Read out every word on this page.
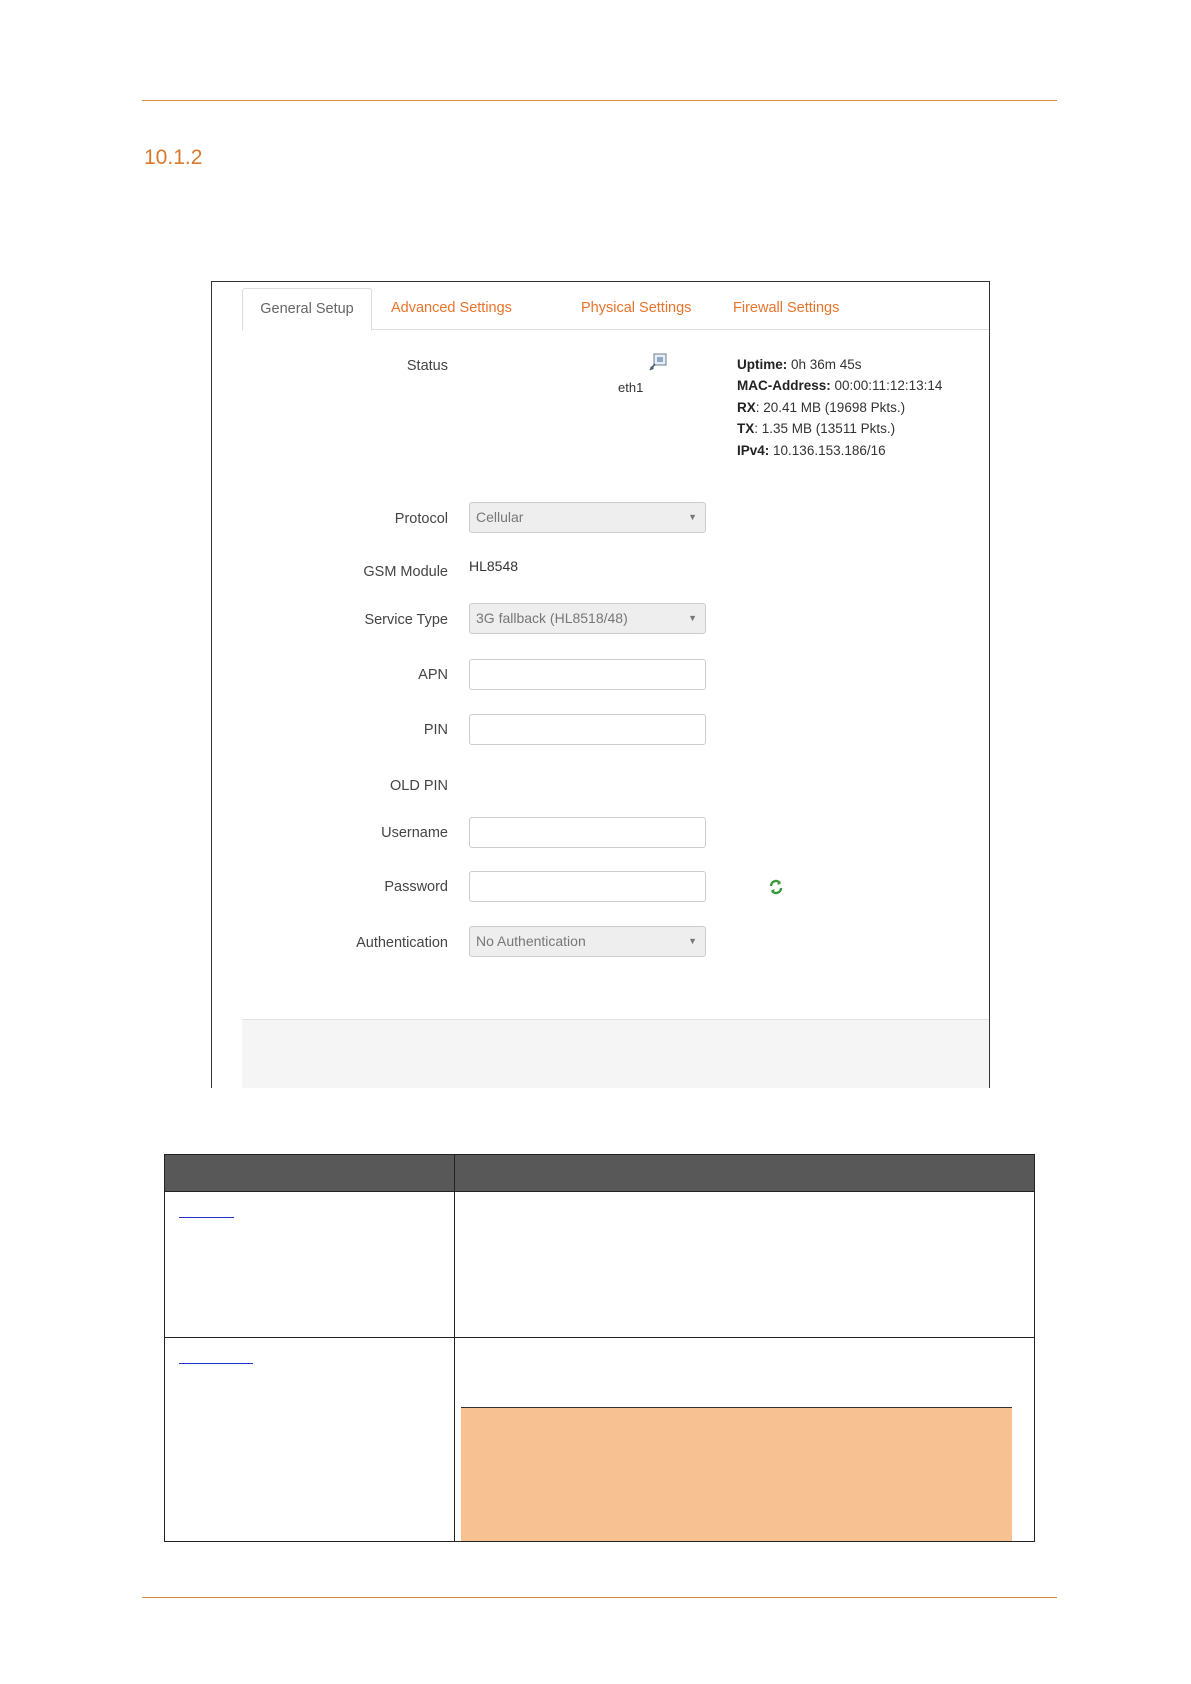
10.1.2
General Setup	Advanced Settings	Physical Settings	Firewall Settings
Status
eth1
Uptime: 0h 36m 45s
MAC-Address: 00:00:11:12:13:14
RX: 20.41 MB (19698 Pkts.)
TX: 1.35 MB (13511 Pkts.)
IPv4: 10.136.153.186/16
Protocol	Cellular	▼
GSM Module HL8548
Service Type	3G fallback (HL8518/48)	▼
APN
PIN
OLD PIN
Username
Password
Authentication	No Authentication	▼
